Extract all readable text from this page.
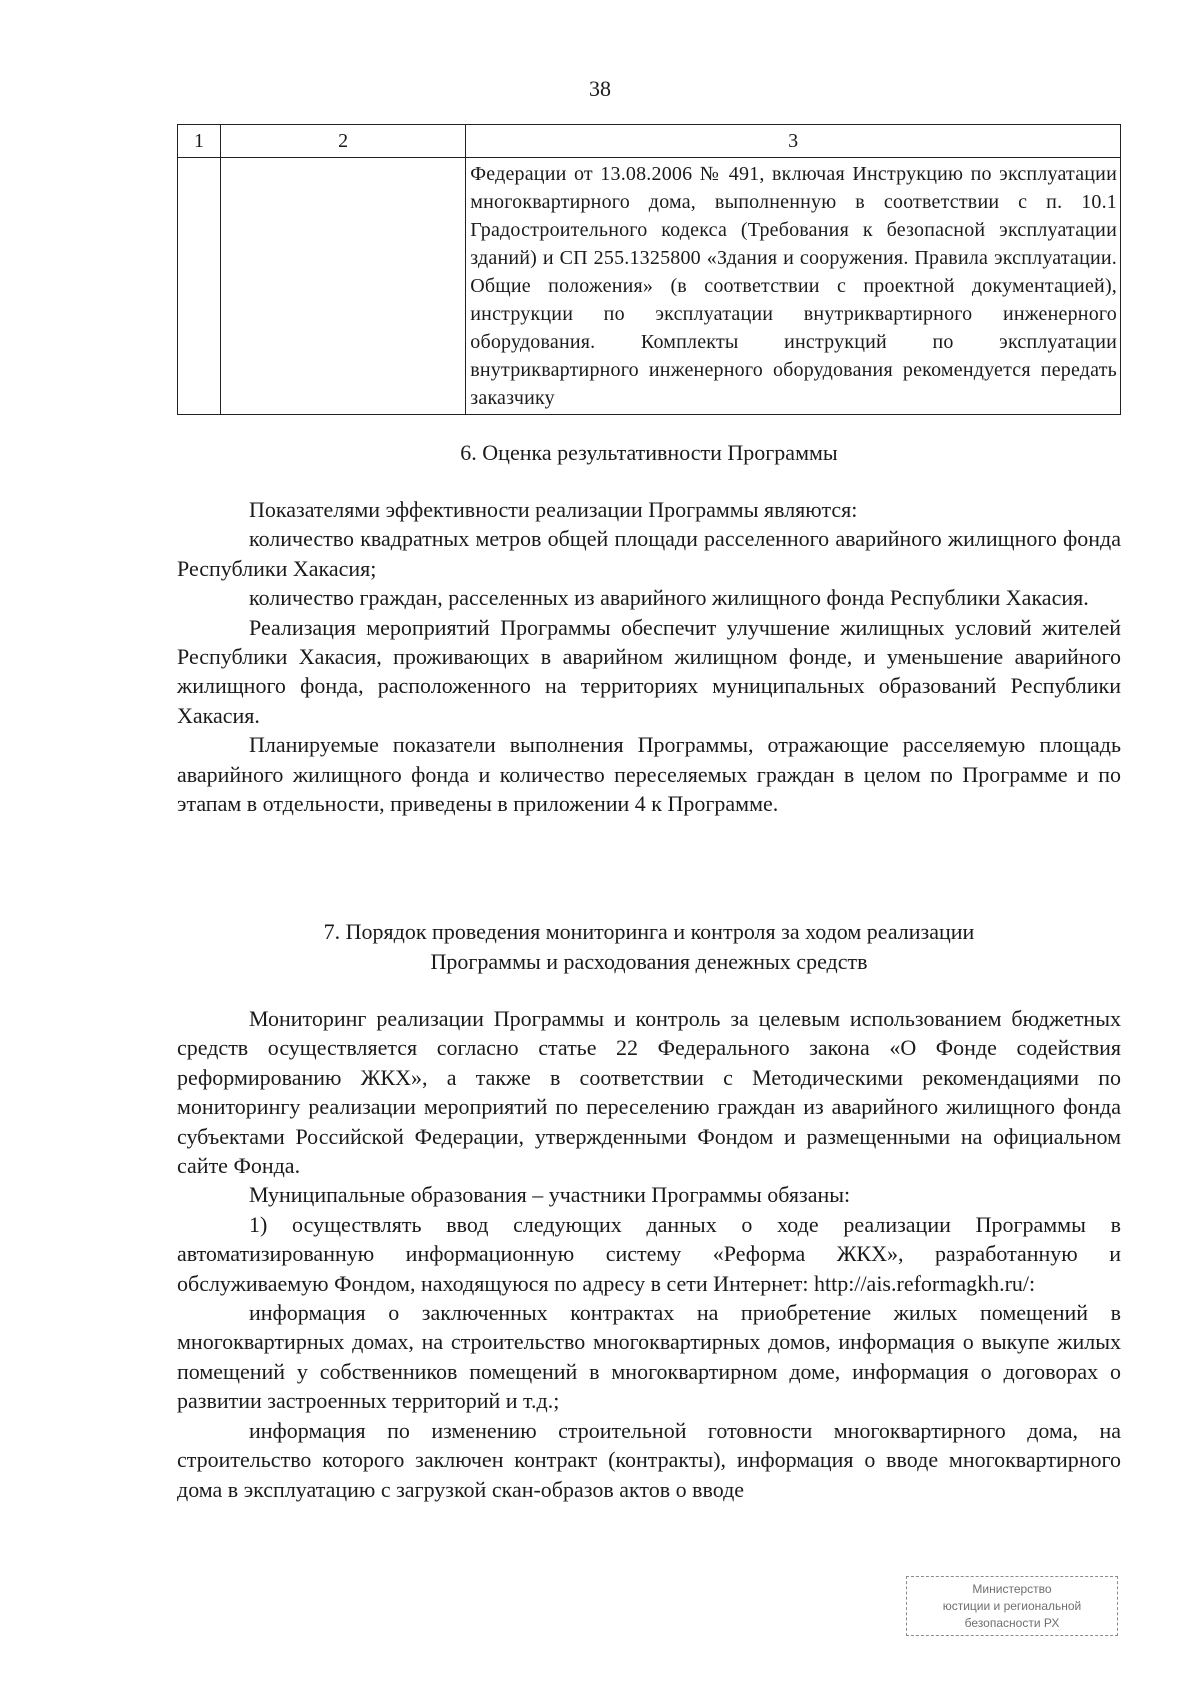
38
1	2	3

		Федерации от 13.08.2006 № 491, включая Инструкцию по эксплуатации многоквартирного дома, выполненную в соответствии с п. 10.1 Градостроительного кодекса (Требования к безопасной эксплуатации зданий) и СП 255.1325800 «Здания и сооружения. Правила эксплуатации. Общие положения» (в соответствии с проектной документацией), инструкции по эксплуатации внутриквартирного инженерного оборудования. Комплекты инструкций по эксплуатации внутриквартирного инженерного оборудования рекомендуется передать заказчику
6. Оценка результативности Программы

Показателями эффективности реализации Программы являются:

количество квадратных метров общей площади расселенного аварийного жилищного фонда Республики Хакасия;

количество граждан, расселенных из аварийного жилищного фонда Республики Хакасия.

Реализация мероприятий Программы обеспечит улучшение жилищных условий жителей Республики Хакасия, проживающих в аварийном жилищном фонде, и уменьшение аварийного жилищного фонда, расположенного на территориях муниципальных образований Республики Хакасия.

Планируемые показатели выполнения Программы, отражающие расселяемую площадь аварийного жилищного фонда и количество переселяемых граждан в целом по Программе и по этапам в отдельности, приведены в приложении 4 к Программе.

7. Порядок проведения мониторинга и контроля за ходом реализации
Программы и расходования денежных средств

Мониторинг реализации Программы и контроль за целевым использованием бюджетных средств осуществляется согласно статье 22 Федерального закона «О Фонде содействия реформированию ЖКХ», а также в соответствии с Методическими рекомендациями по мониторингу реализации мероприятий по переселению граждан из аварийного жилищного фонда субъектами Российской Федерации, утвержденными Фондом и размещенными на официальном сайте Фонда.

Муниципальные образования – участники Программы обязаны:

1) осуществлять ввод следующих данных о ходе реализации Программы в автоматизированную информационную систему «Реформа ЖКХ», разработанную и обслуживаемую Фондом, находящуюся по адресу в сети Интернет: http://ais.reformagkh.ru/:

информация о заключенных контрактах на приобретение жилых помещений в многоквартирных домах, на строительство многоквартирных домов, информация о выкупе жилых помещений у собственников помещений в многоквартирном доме, информация о договорах о развитии застроенных территорий и т.д.;

информация по изменению строительной готовности многоквартирного дома, на строительство которого заключен контракт (контракты), информация о вводе многоквартирного дома в эксплуатацию с загрузкой скан-образов актов о вводе

Министерство
юстиции и региональной
безопасности РХ
